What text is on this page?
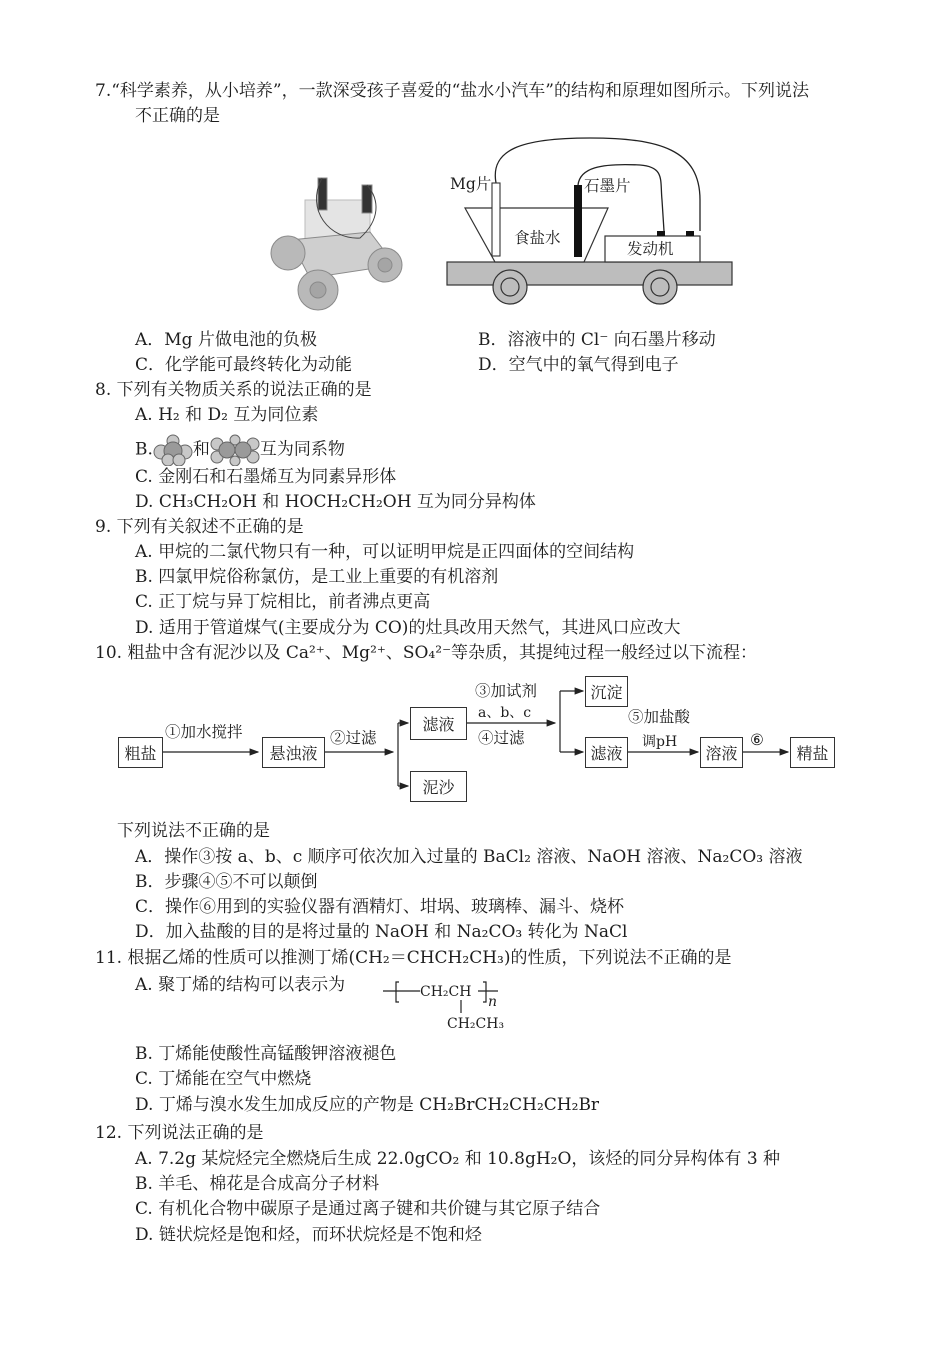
7.“科学素养，从小培养”，一款深受孩子喜爱的“盐水小汽车”的结构和原理如图所示。下列说法
不正确的是
Mg片	石墨片
食盐水
发动机
A．Mg 片做电池的负极	B．溶液中的 Cl⁻ 向石墨片移动
C．化学能可最终转化为动能	D．空气中的氧气得到电子
8. 下列有关物质关系的说法正确的是
A. H₂ 和 D₂ 互为同位素
B. 和	互为同系物
C. 金刚石和石墨烯互为同素异形体
D. CH₃CH₂OH 和 HOCH₂CH₂OH 互为同分异构体
9. 下列有关叙述不正确的是
A. 甲烷的二氯代物只有一种，可以证明甲烷是正四面体的空间结构
B. 四氯甲烷俗称氯仿，是工业上重要的有机溶剂
C. 正丁烷与异丁烷相比，前者沸点更高
D. 适用于管道煤气(主要成分为 CO)的灶具改用天然气，其进风口应改大
10. 粗盐中含有泥沙以及 Ca²⁺、Mg²⁺、SO₄²⁻等杂质，其提纯过程一般经过以下流程：
粗盐
①加水搅拌
悬浊液
②过滤
滤液
泥沙
③加试剂
a、b、c
④过滤
沉淀
滤液
⑤加盐酸
调pH
溶液
⑥
精盐
下列说法不正确的是
A．操作③按 a、b、c 顺序可依次加入过量的 BaCl₂ 溶液、NaOH 溶液、Na₂CO₃ 溶液
B．步骤④⑤不可以颠倒
C．操作⑥用到的实验仪器有酒精灯、坩埚、玻璃棒、漏斗、烧杯
D．加入盐酸的目的是将过量的 NaOH 和 Na₂CO₃ 转化为 NaCl
11. 根据乙烯的性质可以推测丁烯(CH₂＝CHCH₂CH₃)的性质，下列说法不正确的是
A. 聚丁烯的结构可以表示为	CH₂CH
n
CH₂CH₃
B. 丁烯能使酸性高锰酸钾溶液褪色
C. 丁烯能在空气中燃烧
D. 丁烯与溴水发生加成反应的产物是 CH₂BrCH₂CH₂CH₂Br
12. 下列说法正确的是
A. 7.2g 某烷烃完全燃烧后生成 22.0gCO₂ 和 10.8gH₂O，该烃的同分异构体有 3 种
B. 羊毛、棉花是合成高分子材料
C. 有机化合物中碳原子是通过离子键和共价键与其它原子结合
D. 链状烷烃是饱和烃，而环状烷烃是不饱和烃
